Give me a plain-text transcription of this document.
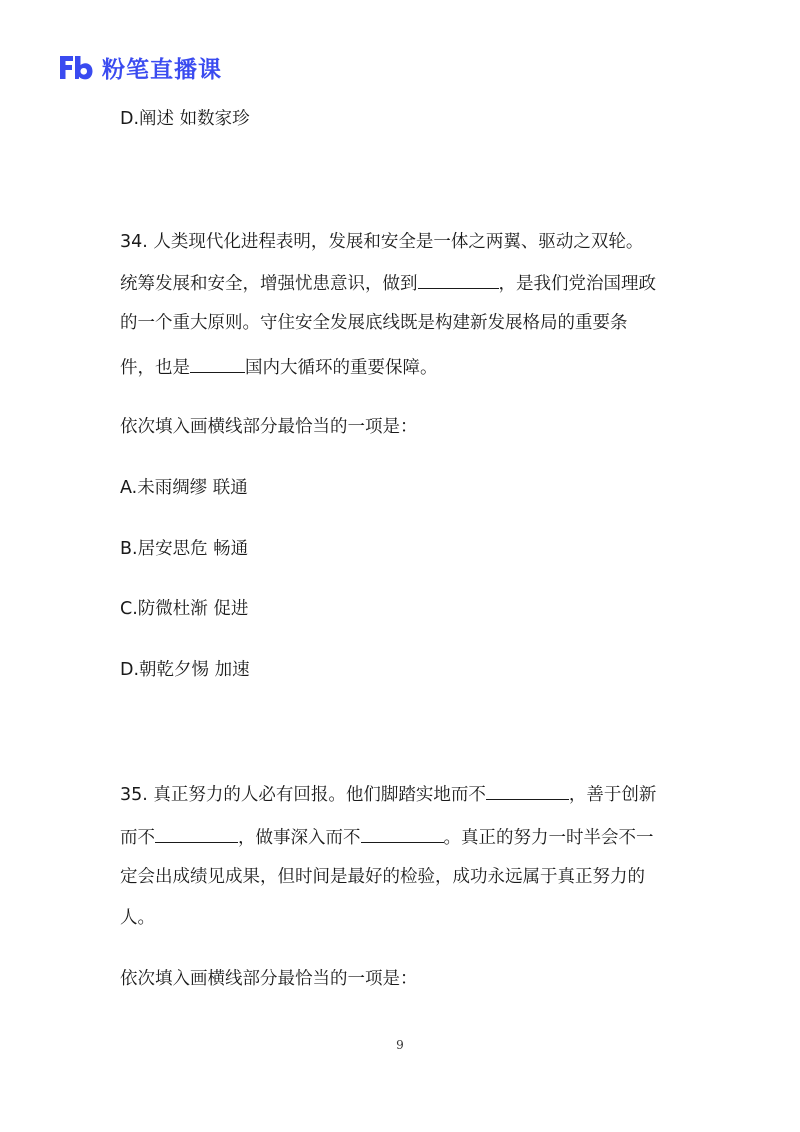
粉笔直播课
D.阐述 如数家珍
34. 人类现代化进程表明，发展和安全是一体之两翼、驱动之双轮。
统筹发展和安全，增强忧患意识，做到	，是我们党治国理政
的一个重大原则。守住安全发展底线既是构建新发展格局的重要条
件，也是	国内大循环的重要保障。
依次填入画横线部分最恰当的一项是：
A.未雨绸缪 联通
B.居安思危 畅通
C.防微杜渐 促进
D.朝乾夕惕 加速
35. 真正努力的人必有回报。他们脚踏实地而不	，善于创新
而不	，做事深入而不	。真正的努力一时半会不一
定会出成绩见成果，但时间是最好的检验，成功永远属于真正努力的
人。
依次填入画横线部分最恰当的一项是：
9
